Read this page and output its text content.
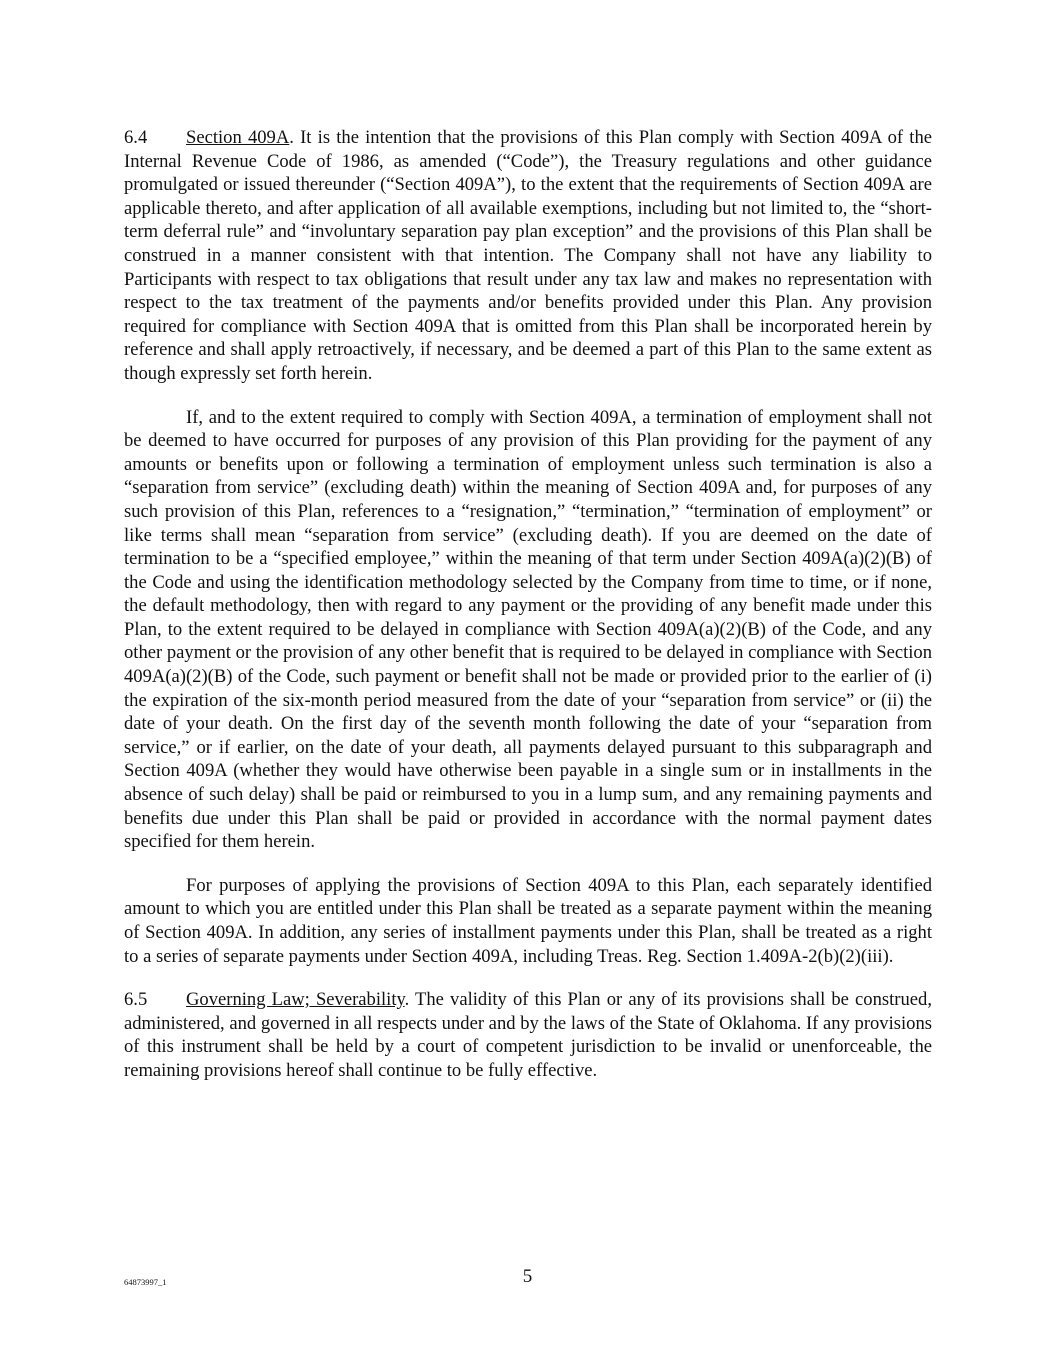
6.4 Section 409A. It is the intention that the provisions of this Plan comply with Section 409A of the Internal Revenue Code of 1986, as amended (“Code”), the Treasury regulations and other guidance promulgated or issued thereunder (“Section 409A”), to the extent that the requirements of Section 409A are applicable thereto, and after application of all available exemptions, including but not limited to, the “short-term deferral rule” and “involuntary separation pay plan exception” and the provisions of this Plan shall be construed in a manner consistent with that intention. The Company shall not have any liability to Participants with respect to tax obligations that result under any tax law and makes no representation with respect to the tax treatment of the payments and/or benefits provided under this Plan. Any provision required for compliance with Section 409A that is omitted from this Plan shall be incorporated herein by reference and shall apply retroactively, if necessary, and be deemed a part of this Plan to the same extent as though expressly set forth herein.

If, and to the extent required to comply with Section 409A, a termination of employment shall not be deemed to have occurred for purposes of any provision of this Plan providing for the payment of any amounts or benefits upon or following a termination of employment unless such termination is also a “separation from service” (excluding death) within the meaning of Section 409A and, for purposes of any such provision of this Plan, references to a “resignation,” “termination,” “termination of employment” or like terms shall mean “separation from service” (excluding death). If you are deemed on the date of termination to be a “specified employee,” within the meaning of that term under Section 409A(a)(2)(B) of the Code and using the identification methodology selected by the Company from time to time, or if none, the default methodology, then with regard to any payment or the providing of any benefit made under this Plan, to the extent required to be delayed in compliance with Section 409A(a)(2)(B) of the Code, and any other payment or the provision of any other benefit that is required to be delayed in compliance with Section 409A(a)(2)(B) of the Code, such payment or benefit shall not be made or provided prior to the earlier of (i) the expiration of the six-month period measured from the date of your “separation from service” or (ii) the date of your death. On the first day of the seventh month following the date of your “separation from service,” or if earlier, on the date of your death, all payments delayed pursuant to this subparagraph and Section 409A (whether they would have otherwise been payable in a single sum or in installments in the absence of such delay) shall be paid or reimbursed to you in a lump sum, and any remaining payments and benefits due under this Plan shall be paid or provided in accordance with the normal payment dates specified for them herein.

For purposes of applying the provisions of Section 409A to this Plan, each separately identified amount to which you are entitled under this Plan shall be treated as a separate payment within the meaning of Section 409A. In addition, any series of installment payments under this Plan, shall be treated as a right to a series of separate payments under Section 409A, including Treas. Reg. Section 1.409A-2(b)(2)(iii).

6.5 Governing Law; Severability. The validity of this Plan or any of its provisions shall be construed, administered, and governed in all respects under and by the laws of the State of Oklahoma. If any provisions of this instrument shall be held by a court of competent jurisdiction to be invalid or unenforceable, the remaining provisions hereof shall continue to be fully effective.

64873997_1	5
